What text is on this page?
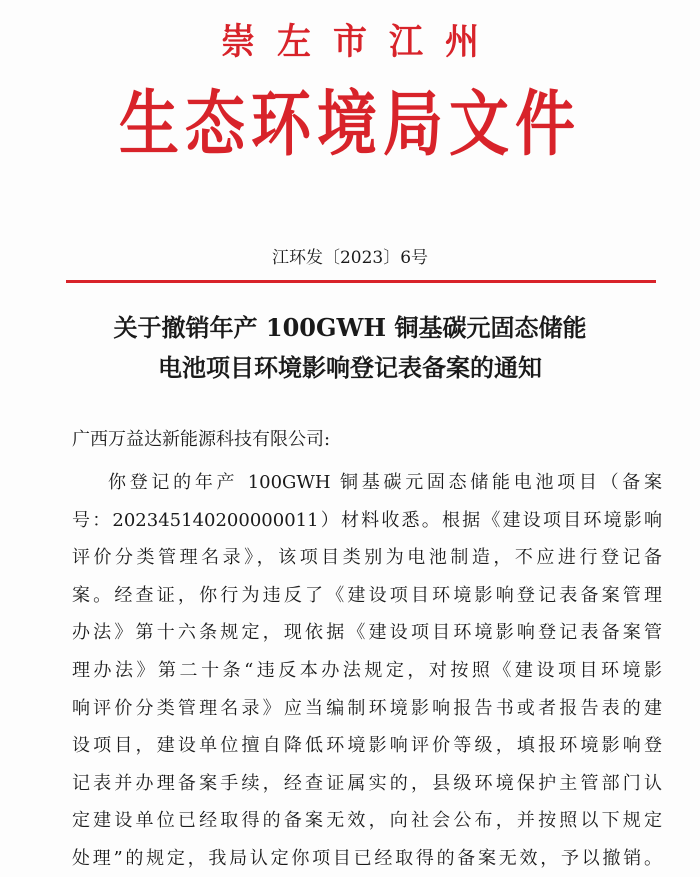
崇左市江州
生态环境局文件
江环发〔2023〕6号
关于撤销年产 100GWH 铜基碳元固态储能
电池项目环境影响登记表备案的通知
广西万益达新能源科技有限公司:
你登记的年产 100GWH 铜基碳元固态储能电池项目（备案
号：202345140200000011）材料收悉。根据《建设项目环境影响
评价分类管理名录》，该项目类别为电池制造，不应进行登记备
案。经查证，你行为违反了《建设项目环境影响登记表备案管理
办法》第十六条规定，现依据《建设项目环境影响登记表备案管
理办法》第二十条“违反本办法规定，对按照《建设项目环境影
响评价分类管理名录》应当编制环境影响报告书或者报告表的建
设项目，建设单位擅自降低环境影响评价等级，填报环境影响登
记表并办理备案手续，经查证属实的，县级环境保护主管部门认
定建设单位已经取得的备案无效，向社会公布，并按照以下规定
处理”的规定，我局认定你项目已经取得的备案无效，予以撤销。
